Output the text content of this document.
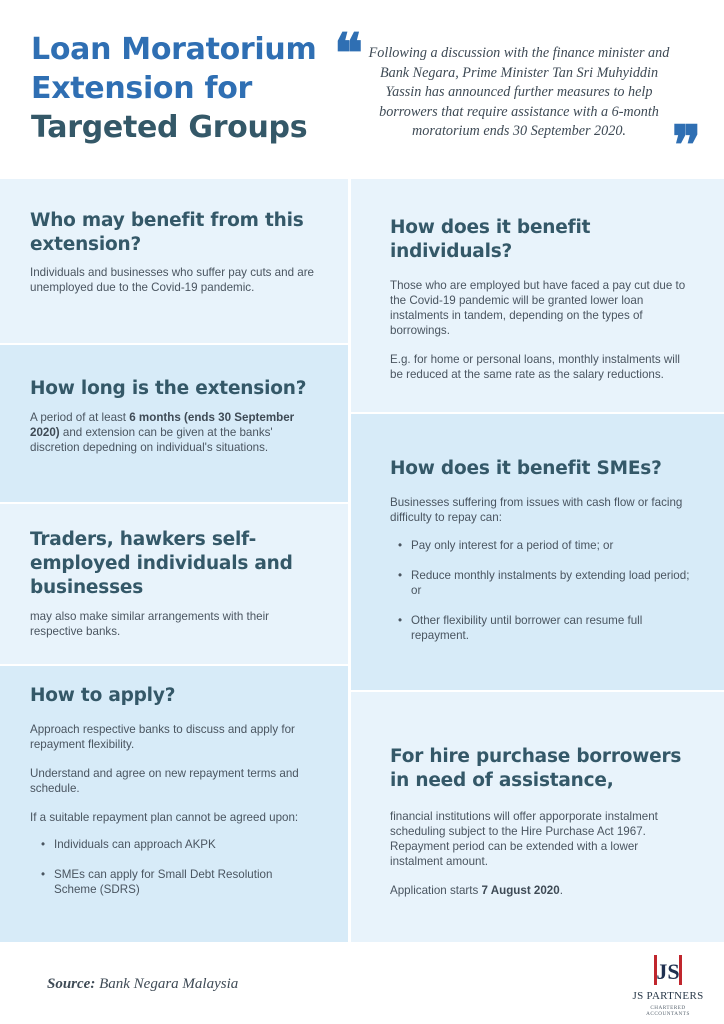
Loan Moratorium
Extension for
Targeted Groups
❝ Following a discussion with the finance minister and Bank Negara, Prime Minister Tan Sri Muhyiddin Yassin has announced further measures to help borrowers that require assistance with a 6-month moratorium ends 30 September 2020. ❞
Who may benefit from this extension?

Individuals and businesses who suffer pay cuts and are unemployed due to the Covid-19 pandemic.

How long is the extension?

A period of at least 6 months (ends 30 September 2020) and extension can be given at the banks' discretion depedning on individual's situations.

Traders, hawkers self-employed individuals and businesses

may also make similar arrangements with their respective banks.

How to apply?

Approach respective banks to discuss and apply for repayment flexibility.

Understand and agree on new repayment terms and schedule.

If a suitable repayment plan cannot be agreed upon:

• Individuals can approach AKPK
• SMEs can apply for Small Debt Resolution Scheme (SDRS)
How does it benefit individuals?

Those who are employed but have faced a pay cut due to the Covid-19 pandemic will be granted lower loan instalments in tandem, depending on the types of borrowings.

E.g. for home or personal loans, monthly instalments will be reduced at the same rate as the salary reductions.

How does it benefit SMEs?

Businesses suffering from issues with cash flow or facing difficulty to repay can:

• Pay only interest for a period of time; or
• Reduce monthly instalments by extending load period; or
• Other flexibility until borrower can resume full repayment.
For hire purchase borrowers in need of assistance,

financial institutions will offer apporporate instalment scheduling subject to the Hire Purchase Act 1967. Repayment period can be extended with a lower instalment amount.

Application starts 7 August 2020.

Source: Bank Negara Malaysia	JS
JS PARTNERS
CHARTERED ACCOUNTANTS
